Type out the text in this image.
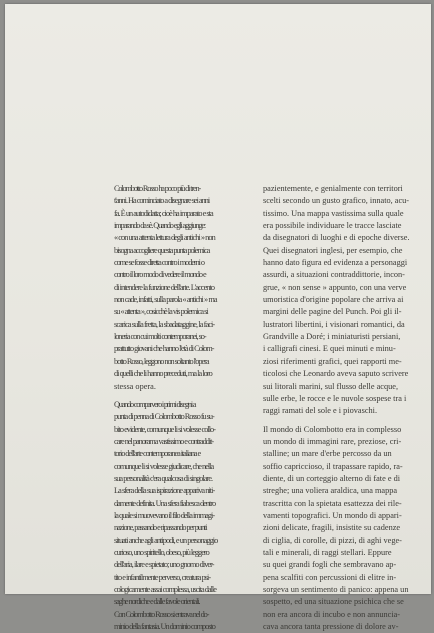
Colombotto Rosso ha poco più di tren-
t'anni. Ha cominciato a disegnare sei anni
fa. È un autodidatta; cioè ha imparato e sta
imparando da sè. Quando egli aggiunge:
« con una attenta lettura degli antichi » non
bisogna accogliere questa punta polemica
come se fosse diretta contro i moderni o
contro il loro modo di vedere il mondo e
di intendere la funzione dell'arte. L'accento
non cade, infatti, sulla parola « antichi » ma
su « attenta », cosicchè la vis polemica si
scarica sulla fretta, la sbadataggine, la faci-
loneria con cui molti contemporanei, so-
prattutto giovani che hanno l'età di Colom-
botto Rosso, leggono non soltanto l'opera
di quelli che li hanno preceduti, ma la loro
stessa opera.
Quando comparvero i primi disegni a
punta di penna di Colombotto Rosso fu su-
bito evidente, comunque li si volesse collo-
care nel panorama vastissimo e contraddit-
torio dell'arte contemporanea italiana e
comunque li si volesse giudicare, che nella
sua personalità c'era qualcosa di singolare.
La sfera della sua ispirazione appariva niti-
damente definita. Una sfera fiabesca dentro
la quale si muovevano il filo della immagi-
nazione, passando e ripassando per punti
situati anche agli antipodi, e un personaggio
curioso, uno spiritello, obeso, più leggero
dell'aria, ilare e spietato; uno gnomo diver-
tito e infantilmente perverso, creatura psi-
cologicamente assai complessa, uscita dalle
saghe nordiche e dalle favole orientali.
Con Colombotto Rosso si entrava nel do-
minio della fantasia. Un dominio composto
pazientemente, e genialmente con territori
scelti secondo un gusto grafico, innato, acu-
tissimo. Una mappa vastissima sulla quale
era possibile individuare le tracce lasciate
da disegnatori di luoghi e di epoche diverse.
Quei disegnatori inglesi, per esempio, che
hanno dato figura ed evidenza a personaggi
assurdi, a situazioni contraddittorie, incon-
grue, « non sense » appunto, con una verve
umoristica d'origine popolare che arriva ai
margini delle pagine del Punch. Poi gli il-
lustratori libertini, i visionari romantici, da
Grandville a Doré; i miniaturisti persiani,
i calligrafi cinesi. E quei minuti e minu-
ziosi riferimenti grafici, quei rapporti me-
ticolosi che Leonardo aveva saputo scrivere
sui litorali marini, sul flusso delle acque,
sulle erbe, le rocce e le nuvole sospese tra i
raggi ramati del sole e i piovaschi.
Il mondo di Colombotto era in complesso
un mondo di immagini rare, preziose, cri-
stalline; un mare d'erbe percosso da un
soffio capriccioso, il trapassare rapido, ra-
diente, di un corteggio alterno di fate e di
streghe; una voliera araldica, una mappa
trascritta con la spietata esattezza dei rile-
vamenti topografici. Un mondo di appari-
zioni delicate, fragili, insistite su cadenze
di ciglia, di corolle, di pizzi, di aghi vege-
tali e minerali, di raggi stellari. Eppure
su quei grandi fogli che sembravano ap-
pena scalfiti con percussioni di elitre in-
sorgeva un sentimento di panico: appena un
sospetto, ed una situazione psichica che se
non era ancora di incubo e non annuncia-
cava ancora tanta pressione di dolore av-
